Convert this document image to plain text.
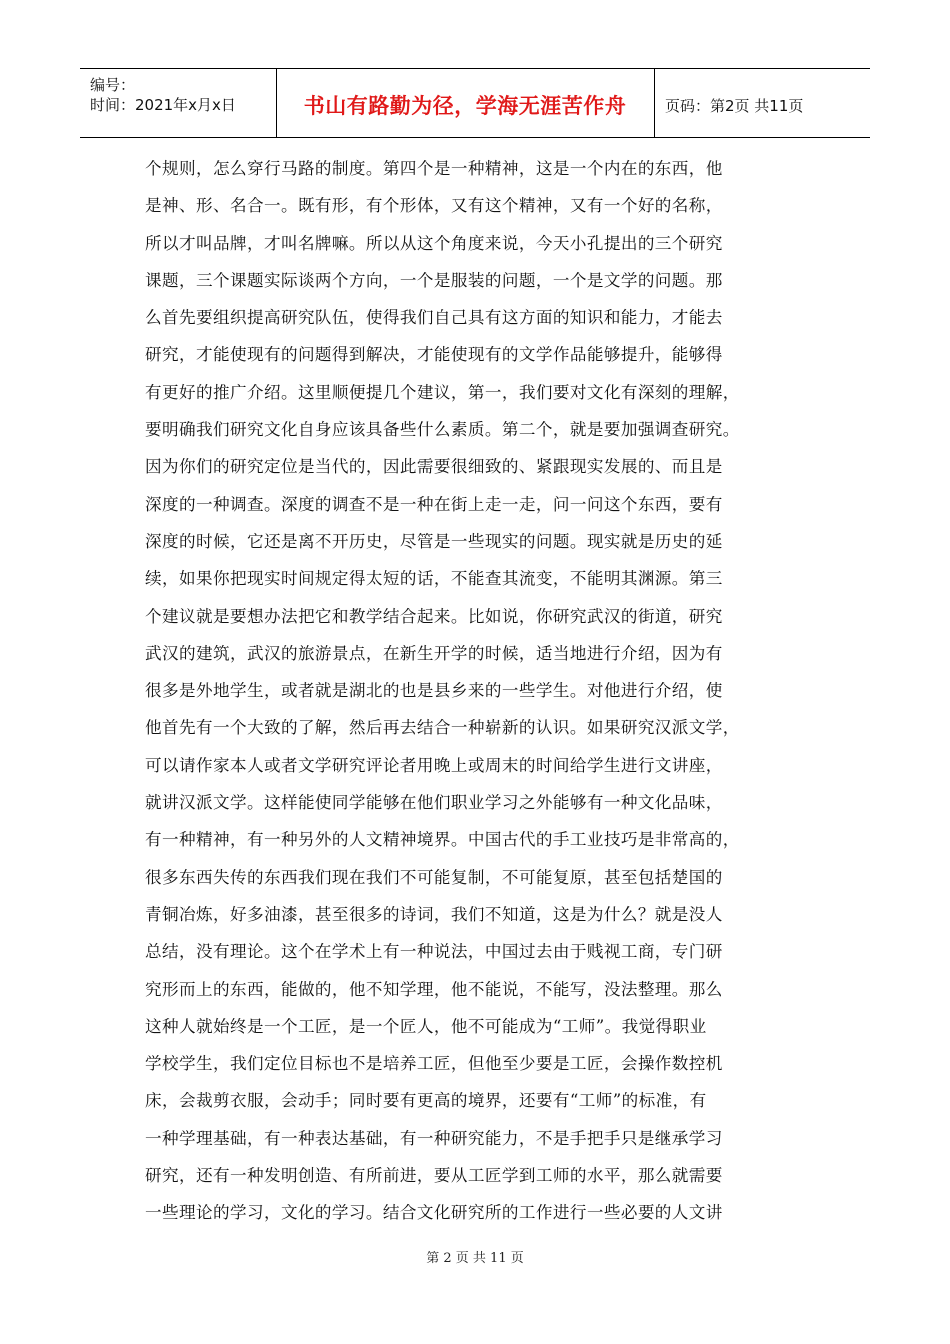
编号：
时间：2021年x月x日	书山有路勤为径，学海无涯苦作舟	页码：第2页 共11页
个规则，怎么穿行马路的制度。第四个是一种精神，这是一个内在的东西，他
是神、形、名合一。既有形，有个形体，又有这个精神，又有一个好的名称，
所以才叫品牌，才叫名牌嘛。所以从这个角度来说，今天小孔提出的三个研究
课题，三个课题实际谈两个方向，一个是服装的问题，一个是文学的问题。那
么首先要组织提高研究队伍，使得我们自己具有这方面的知识和能力，才能去
研究，才能使现有的问题得到解决，才能使现有的文学作品能够提升，能够得
有更好的推广介绍。这里顺便提几个建议，第一，我们要对文化有深刻的理解，
要明确我们研究文化自身应该具备些什么素质。第二个，就是要加强调查研究。
因为你们的研究定位是当代的，因此需要很细致的、紧跟现实发展的、而且是
深度的一种调查。深度的调查不是一种在街上走一走，问一问这个东西，要有
深度的时候，它还是离不开历史，尽管是一些现实的问题。现实就是历史的延
续，如果你把现实时间规定得太短的话，不能查其流变，不能明其渊源。第三
个建议就是要想办法把它和教学结合起来。比如说，你研究武汉的街道，研究
武汉的建筑，武汉的旅游景点，在新生开学的时候，适当地进行介绍，因为有
很多是外地学生，或者就是湖北的也是县乡来的一些学生。对他进行介绍，使
他首先有一个大致的了解，然后再去结合一种崭新的认识。如果研究汉派文学，
可以请作家本人或者文学研究评论者用晚上或周末的时间给学生进行文讲座，
就讲汉派文学。这样能使同学能够在他们职业学习之外能够有一种文化品味，
有一种精神，有一种另外的人文精神境界。中国古代的手工业技巧是非常高的，
很多东西失传的东西我们现在我们不可能复制，不可能复原，甚至包括楚国的
青铜冶炼，好多油漆，甚至很多的诗词，我们不知道，这是为什么？就是没人
总结，没有理论。这个在学术上有一种说法，中国过去由于贱视工商，专门研
究形而上的东西，能做的，他不知学理，他不能说，不能写，没法整理。那么
这种人就始终是一个工匠，是一个匠人，他不可能成为“工师”。我觉得职业
学校学生，我们定位目标也不是培养工匠，但他至少要是工匠，会操作数控机
床，会裁剪衣服，会动手；同时要有更高的境界，还要有“工师”的标准，有
一种学理基础，有一种表达基础，有一种研究能力，不是手把手只是继承学习
研究，还有一种发明创造、有所前进，要从工匠学到工师的水平，那么就需要
一些理论的学习，文化的学习。结合文化研究所的工作进行一些必要的人文讲
第 2 页 共 11 页
